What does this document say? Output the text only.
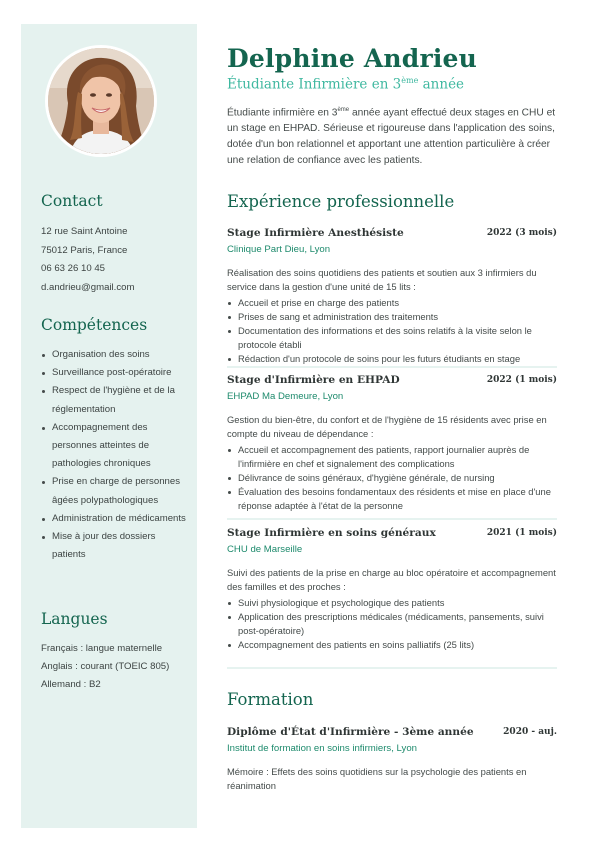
Contact
12 rue Saint Antoine
75012 Paris, France
06 63 26 10 45
d.andrieu@gmail.com
Compétences
Organisation des soins
Surveillance post-opératoire
Respect de l'hygiène et de la réglementation
Accompagnement des personnes atteintes de pathologies chroniques
Prise en charge de personnes âgées polypathologiques
Administration de médicaments
Mise à jour des dossiers patients
Langues
Français : langue maternelle
Anglais : courant (TOEIC 805)
Allemand : B2
Delphine Andrieu
Étudiante Infirmière en 3ème année
Étudiante infirmière en 3ème année ayant effectué deux stages en CHU et un stage en EHPAD. Sérieuse et rigoureuse dans l'application des soins, dotée d'un bon relationnel et apportant une attention particulière à créer une relation de confiance avec les patients.
Expérience professionnelle
Stage Infirmière Anesthésiste	2022 (3 mois)
Clinique Part Dieu, Lyon
Réalisation des soins quotidiens des patients et soutien aux 3 infirmiers du service dans la gestion d'une unité de 15 lits :
Accueil et prise en charge des patients
Prises de sang et administration des traitements
Documentation des informations et des soins relatifs à la visite selon le protocole établi
Rédaction d'un protocole de soins pour les futurs étudiants en stage
Stage d'Infirmière en EHPAD	2022 (1 mois)
EHPAD Ma Demeure, Lyon
Gestion du bien-être, du confort et de l'hygiène de 15 résidents avec prise en compte du niveau de dépendance :
Accueil et accompagnement des patients, rapport journalier auprès de l'infirmière en chef et signalement des complications
Délivrance de soins généraux, d'hygiène générale, de nursing
Évaluation des besoins fondamentaux des résidents et mise en place d'une réponse adaptée à l'état de la personne
Stage Infirmière en soins généraux	2021 (1 mois)
CHU de Marseille
Suivi des patients de la prise en charge au bloc opératoire et accompagnement des familles et des proches :
Suivi physiologique et psychologique des patients
Application des prescriptions médicales (médicaments, pansements, suivi post-opératoire)
Accompagnement des patients en soins palliatifs (25 lits)
Formation
Diplôme d'État d'Infirmière - 3ème année	2020 - auj.
Institut de formation en soins infirmiers, Lyon
Mémoire : Effets des soins quotidiens sur la psychologie des patients en réanimation
